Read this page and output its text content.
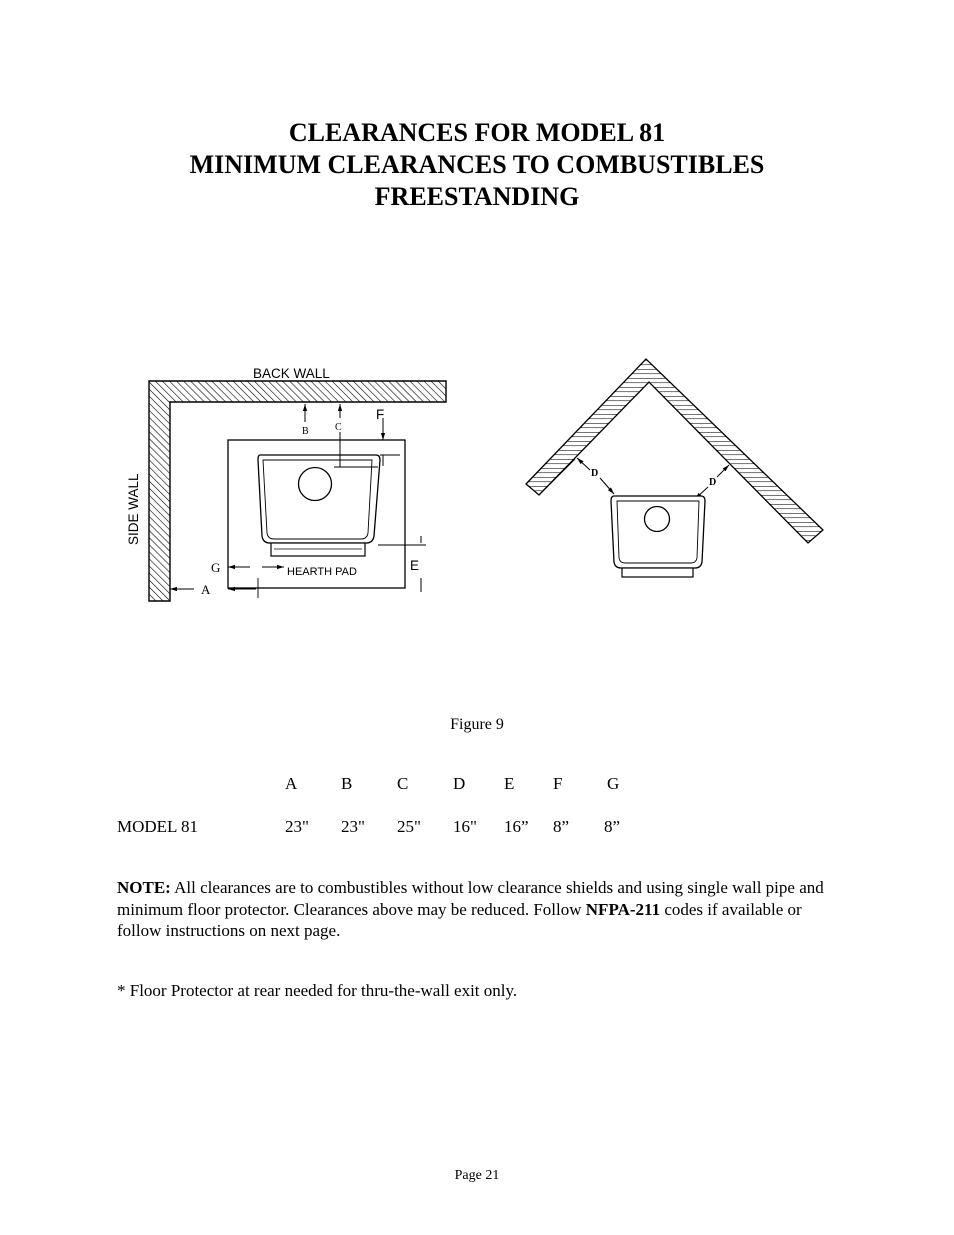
CLEARANCES FOR MODEL 81
MINIMUM CLEARANCES TO COMBUSTIBLES
FREESTANDING
BACK WALL
SIDE WALL
HEARTH PAD
B	C
F
E
G
A
D
D
Figure 9
A	B	C	D E F	G
MODEL 81	23" 23" 25" 16" 16” 8” 8”

NOTE: All clearances are to combustibles without low clearance shields and using single wall pipe and minimum floor protector. Clearances above may be reduced. Follow NFPA-211 codes if available or follow instructions on next page.

* Floor Protector at rear needed for thru-the-wall exit only.
Page 21
